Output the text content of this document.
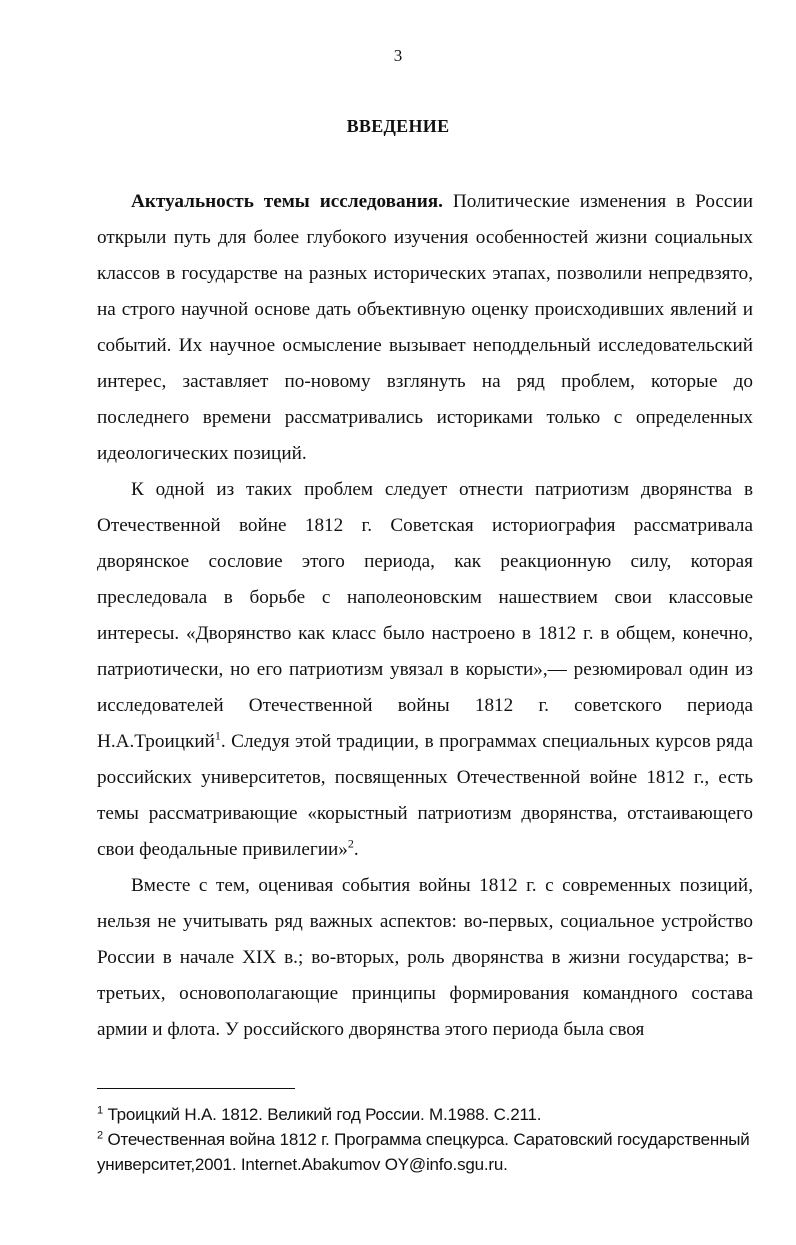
3
ВВЕДЕНИЕ

Актуальность темы исследования. Политические изменения в России открыли путь для более глубокого изучения особенностей жизни социальных классов в государстве на разных исторических этапах, позволили непредвзято, на строго научной основе дать объективную оценку происходивших явлений и событий. Их научное осмысление вызывает неподдельный исследовательский интерес, заставляет по-новому взглянуть на ряд проблем, которые до последнего времени рассматривались историками только с определенных идеологических позиций.

К одной из таких проблем следует отнести патриотизм дворянства в Отечественной войне 1812 г. Советская историография рассматривала дворянское сословие этого периода, как реакционную силу, которая преследовала в борьбе с наполеоновским нашествием свои классовые интересы. «Дворянство как класс было настроено в 1812 г. в общем, конечно, патриотически, но его патриотизм увязал в корысти»,— резюмировал один из исследователей Отечественной войны 1812 г. советского периода Н.А.Троицкий$^1$. Следуя этой традиции, в программах специальных курсов ряда российских университетов, посвященных Отечественной войне 1812 г., есть темы рассматривающие «корыстный патриотизм дворянства, отстаивающего свои феодальные привилегии»$^2$.

Вместе с тем, оценивая события войны 1812 г. с современных позиций, нельзя не учитывать ряд важных аспектов: во-первых, социальное устройство России в начале XIX в.; во-вторых, роль дворянства в жизни государства; в-третьих, основополагающие принципы формирования командного состава армии и флота. У российского дворянства этого периода была своя

$^1$ Троицкий Н.А. 1812. Великий год России. М.1988. С.211.

$^2$ Отечественная война 1812 г. Программа спецкурса. Саратовский государственный университет,2001. Internet.Abakumov OY@info.sgu.ru.
